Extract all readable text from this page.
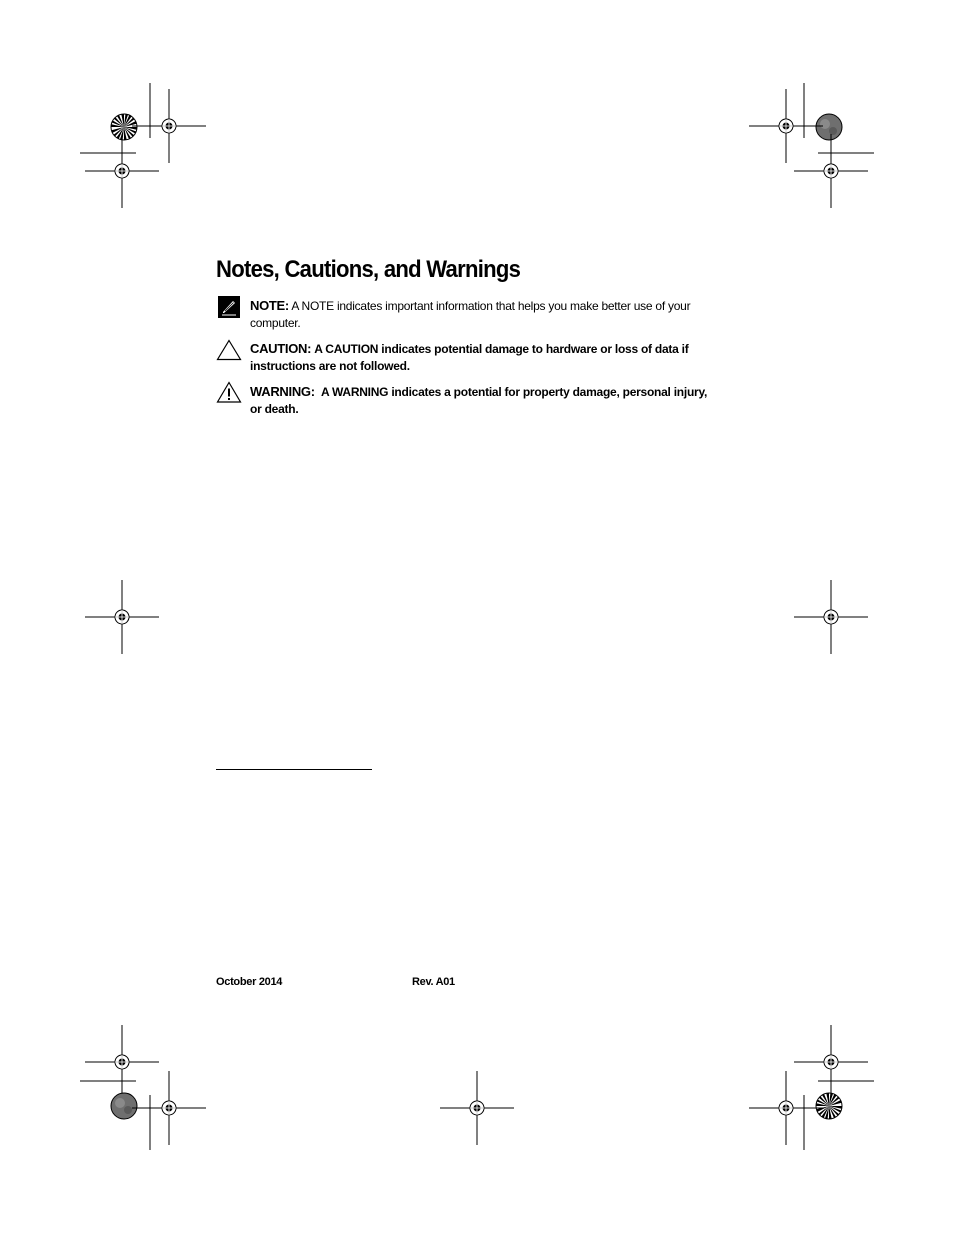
Notes, Cautions, and Warnings
NOTE: A NOTE indicates important information that helps you make better use of your computer.
CAUTION: A CAUTION indicates potential damage to hardware or loss of data if instructions are not followed.
WARNING: A WARNING indicates a potential for property damage, personal injury, or death.
October 2014	Rev. A01
